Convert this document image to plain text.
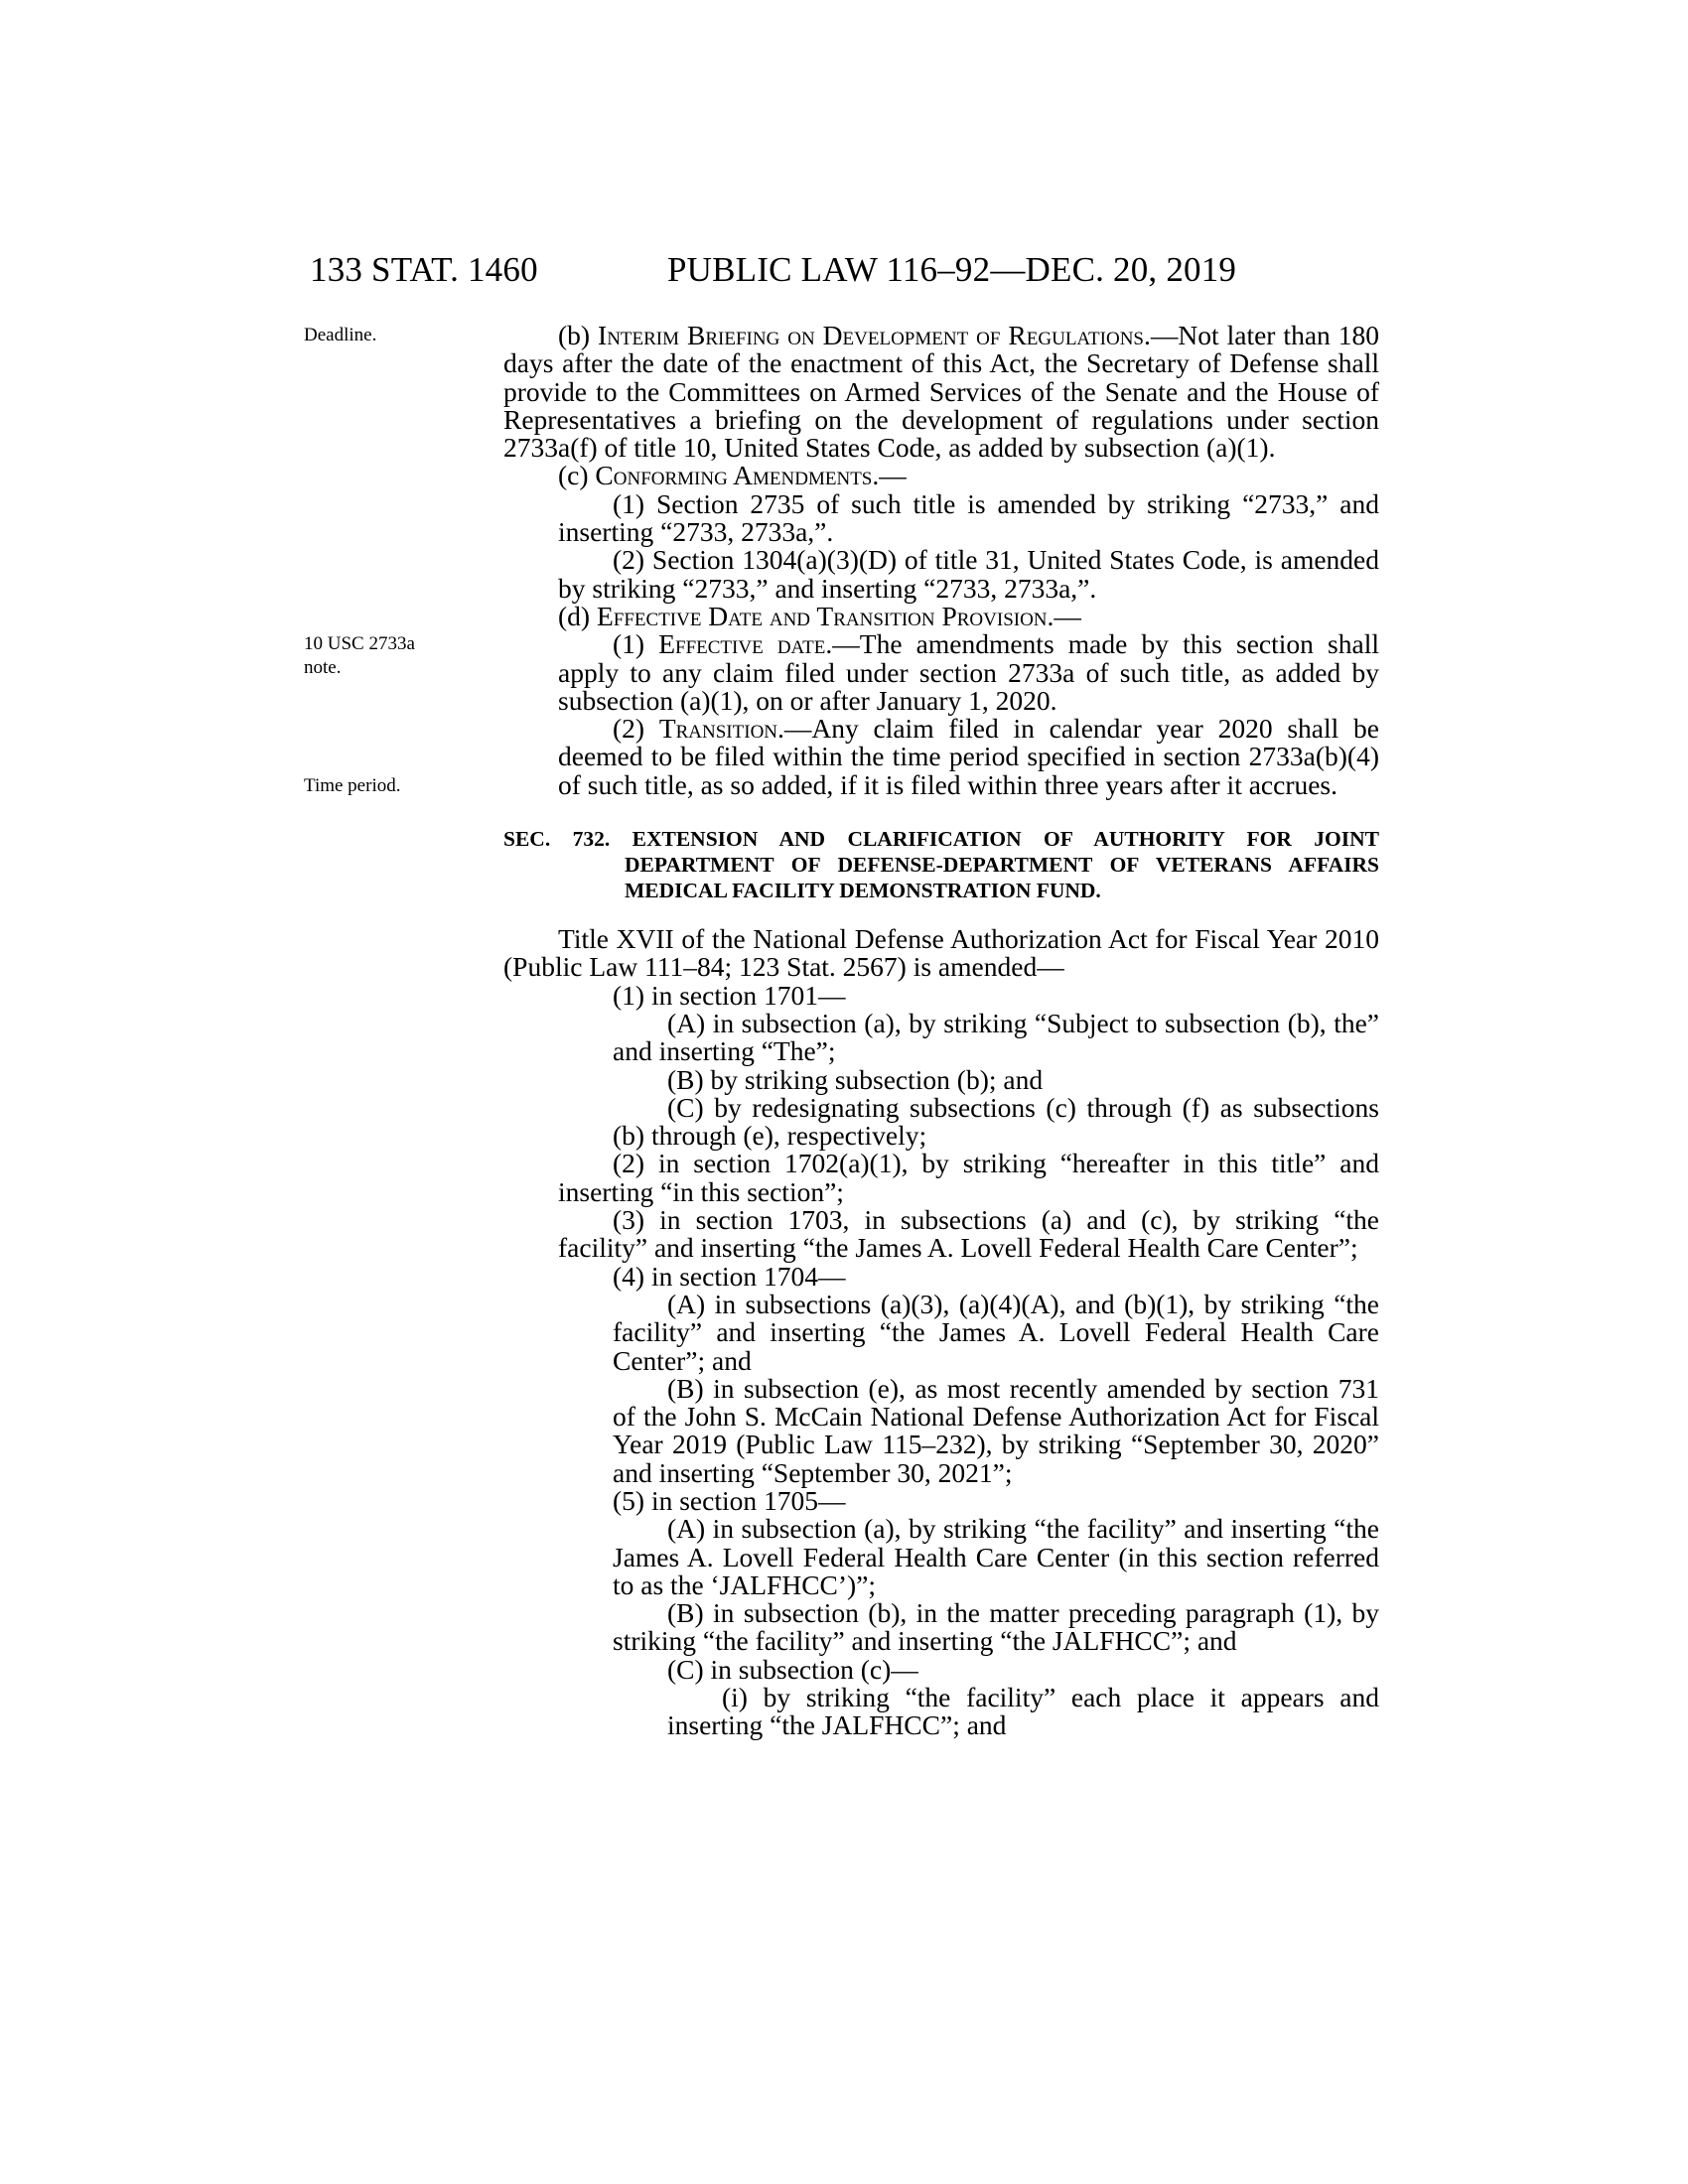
133 STAT. 1460	PUBLIC LAW 116–92—DEC. 20, 2019
Deadline.
10 USC 2733a
note.
Time period.
(b) Interim Briefing on Development of Regulations.—Not later than 180 days after the date of the enactment of this Act, the Secretary of Defense shall provide to the Committees on Armed Services of the Senate and the House of Representatives a briefing on the development of regulations under section 2733a(f) of title 10, United States Code, as added by subsection (a)(1).
(c) Conforming Amendments.—
(1) Section 2735 of such title is amended by striking “2733,” and inserting “2733, 2733a,”.
(2) Section 1304(a)(3)(D) of title 31, United States Code, is amended by striking “2733,” and inserting “2733, 2733a,”.
(d) Effective Date and Transition Provision.—
(1) Effective date.—The amendments made by this section shall apply to any claim filed under section 2733a of such title, as added by subsection (a)(1), on or after January 1, 2020.
(2) Transition.—Any claim filed in calendar year 2020 shall be deemed to be filed within the time period specified in section 2733a(b)(4) of such title, as so added, if it is filed within three years after it accrues.
SEC. 732. EXTENSION AND CLARIFICATION OF AUTHORITY FOR JOINT DEPARTMENT OF DEFENSE-DEPARTMENT OF VETERANS AFFAIRS MEDICAL FACILITY DEMONSTRATION FUND.
Title XVII of the National Defense Authorization Act for Fiscal Year 2010 (Public Law 111–84; 123 Stat. 2567) is amended—
(1) in section 1701—
(A) in subsection (a), by striking “Subject to subsection (b), the” and inserting “The”;
(B) by striking subsection (b); and
(C) by redesignating subsections (c) through (f) as subsections (b) through (e), respectively;
(2) in section 1702(a)(1), by striking “hereafter in this title” and inserting “in this section”;
(3) in section 1703, in subsections (a) and (c), by striking “the facility” and inserting “the James A. Lovell Federal Health Care Center”;
(4) in section 1704—
(A) in subsections (a)(3), (a)(4)(A), and (b)(1), by striking “the facility” and inserting “the James A. Lovell Federal Health Care Center”; and
(B) in subsection (e), as most recently amended by section 731 of the John S. McCain National Defense Authorization Act for Fiscal Year 2019 (Public Law 115–232), by striking “September 30, 2020” and inserting “September 30, 2021”;
(5) in section 1705—
(A) in subsection (a), by striking “the facility” and inserting “the James A. Lovell Federal Health Care Center (in this section referred to as the ‘JALFHCC’)”;
(B) in subsection (b), in the matter preceding paragraph (1), by striking “the facility” and inserting “the JALFHCC”; and
(C) in subsection (c)—
(i) by striking “the facility” each place it appears and inserting “the JALFHCC”; and
